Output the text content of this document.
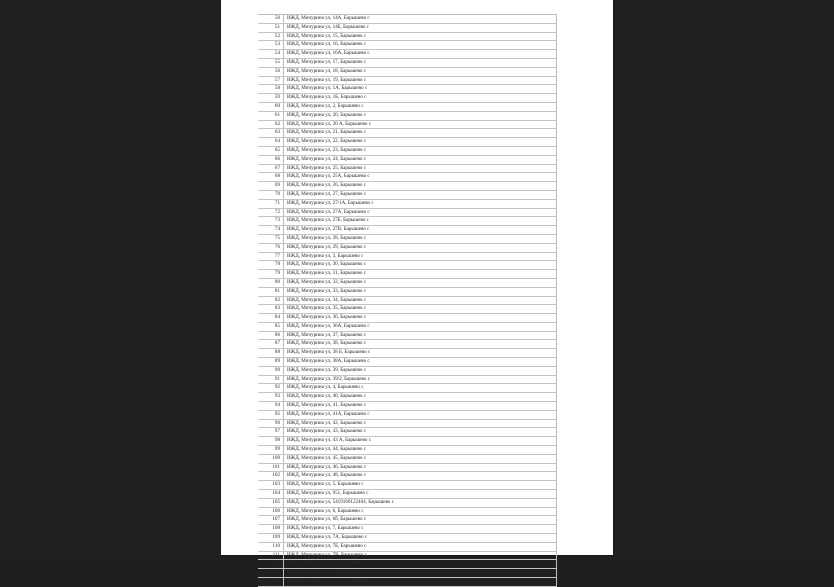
50	ИЖД, Мичурина ул, 14А, Барышево с
51	ИЖД, Мичурина ул, 14Б, Барышево с
52	ИЖД, Мичурина ул, 15, Барышево с
53	ИЖД, Мичурина ул, 16, Барышево с
54	ИЖД, Мичурина ул, 16А, Барышево с
55	ИЖД, Мичурина ул, 17, Барышево с
56	ИЖД, Мичурина ул, 18, Барышево с
57	ИЖД, Мичурина ул, 19, Барышево с
58	ИЖД, Мичурина ул, 1А, Барышево с
59	ИЖД, Мичурина ул, 1Б, Барышево с
60	ИЖД, Мичурина ул, 2, Барышево с
61	ИЖД, Мичурина ул, 20, Барышево с
62	ИЖД, Мичурина ул, 20 А, Барышево с
63	ИЖД, Мичурина ул, 21, Барышево с
64	ИЖД, Мичурина ул, 22, Барышево с
65	ИЖД, Мичурина ул, 23, Барышево с
66	ИЖД, Мичурина ул, 24, Барышево с
67	ИЖД, Мичурина ул, 25, Барышево с
68	ИЖД, Мичурина ул, 25А, Барышево с
69	ИЖД, Мичурина ул, 26, Барышево с
70	ИЖД, Мичурина ул, 27, Барышево с
71	ИЖД, Мичурина ул, 27/1А, Барышево с
72	ИЖД, Мичурина ул, 27А, Барышево с
73	ИЖД, Мичурина ул, 27Б, Барышево с
74	ИЖД, Мичурина ул, 27В, Барышево с
75	ИЖД, Мичурина ул, 28, Барышево с
76	ИЖД, Мичурина ул, 29, Барышево с
77	ИЖД, Мичурина ул, 3, Барышево с
78	ИЖД, Мичурина ул, 30, Барышево с
79	ИЖД, Мичурина ул, 31, Барышево с
80	ИЖД, Мичурина ул, 32, Барышево с
81	ИЖД, Мичурина ул, 33, Барышево с
82	ИЖД, Мичурина ул, 34, Барышево с
83	ИЖД, Мичурина ул, 35, Барышево с
84	ИЖД, Мичурина ул, 36, Барышево с
85	ИЖД, Мичурина ул, 36А, Барышево с
86	ИЖД, Мичурина ул, 37, Барышево с
87	ИЖД, Мичурина ул, 38, Барышево с
88	ИЖД, Мичурина ул, 38 Б, Барышево с
89	ИЖД, Мичурина ул, 38А, Барышево с
90	ИЖД, Мичурина ул, 39, Барышево с
91	ИЖД, Мичурина ул, 39/2, Барышево с
92	ИЖД, Мичурина ул, 4, Барышево с
93	ИЖД, Мичурина ул, 40, Барышево с
94	ИЖД, Мичурина ул, 41, Барышево с
95	ИЖД, Мичурина ул, 41А, Барышево с
96	ИЖД, Мичурина ул, 42, Барышево с
97	ИЖД, Мичурина ул, 43, Барышево с
98	ИЖД, Мичурина ул, 43 А, Барышево с
99	ИЖД, Мичурина ул, 44, Барышево с
100	ИЖД, Мичурина ул, 45, Барышево с
101	ИЖД, Мичурина ул, 46, Барышево с
102	ИЖД, Мичурина ул, 48, Барышево с
103	ИЖД, Мичурина ул, 5, Барышево с
104	ИЖД, Мичурина ул, 951, Барышево с
105	ИЖД, Мичурина ул, 5419160122404, Барышево с
106	ИЖД, Мичурина ул, 6, Барышево с
107	ИЖД, Мичурина ул, 6б, Барышево с
108	ИЖД, Мичурина ул, 7, Барышево с
109	ИЖД, Мичурина ул, 7А, Барышево с
110	ИЖД, Мичурина ул, 7Б, Барышево с
111	ИЖД, Мичурина ул, 7В, Барышево с
112	ИЖД, Мичурина ул, 8, Барышево с
113	ИЖД, Мичурина ул, 9, Барышево с
114	Баня, Мичурина ул, ул.13А, Барышево с
